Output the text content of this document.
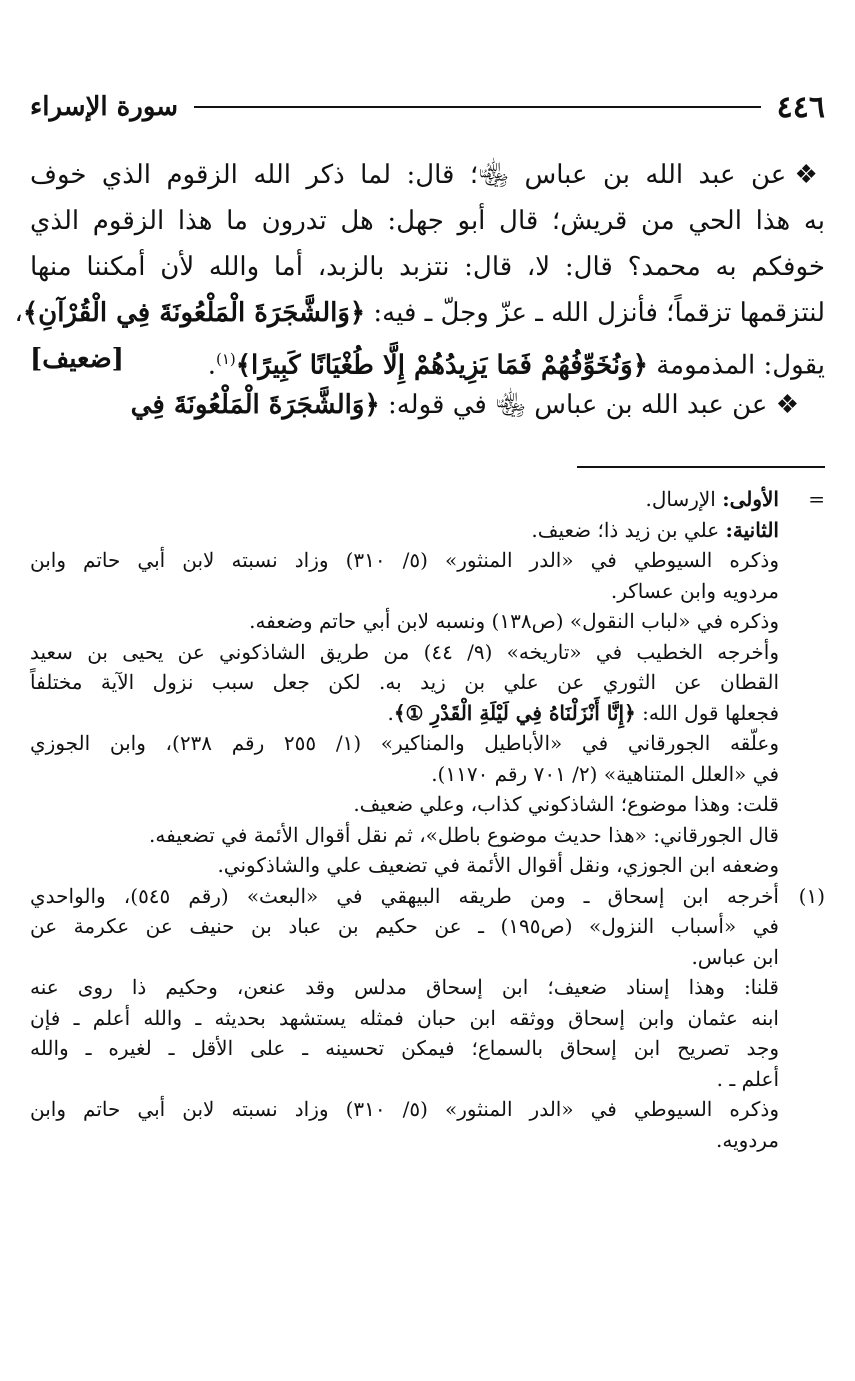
٤٤٦
سورة الإسراء
❖ عن عبد الله بن عباس ﵄؛ قال: لما ذكر الله الزقوم الذي خوف
به هذا الحي من قريش؛ قال أبو جهل: هل تدرون ما هذا الزقوم الذي
خوفكم به محمد؟ قال: لا، قال: نتزبد بالزبد، أما والله لأن أمكننا منها
لنتزقمها تزقماً؛ فأنزل الله ـ عزّ وجلّ ـ فيه: ﴿وَالشَّجَرَةَ الْمَلْعُونَةَ فِي الْقُرْآنِ﴾،
يقول: المذمومة ﴿وَنُخَوِّفُهُمْ فَمَا يَزِيدُهُمْ إِلَّا طُغْيَانًا كَبِيرًا﴾$^{(١)}$.
[ضعيف]
❖ عن عبد الله بن عباس ﵄ في قوله: ﴿وَالشَّجَرَةَ الْمَلْعُونَةَ فِي
=
الأولى: الإرسال.
الثانية: علي بن زيد ذا؛ ضعيف.
وذكره السيوطي في «الدر المنثور» (٥/ ٣١٠) وزاد نسبته لابن أبي حاتم وابن
مردويه وابن عساكر.
وذكره في «لباب النقول» (ص١٣٨) ونسبه لابن أبي حاتم وضعفه.
وأخرجه الخطيب في «تاريخه» (٩/ ٤٤) من طريق الشاذكوني عن يحيى بن سعيد
القطان عن الثوري عن علي بن زيد به. لكن جعل سبب نزول الآية مختلفاً
فجعلها قول الله: ﴿إِنَّا أَنْزَلْنَاهُ فِي لَيْلَةِ الْقَدْرِ ①﴾.
وعلّقه الجورقاني في «الأباطيل والمناكير» (١/ ٢٥٥ رقم ٢٣٨)، وابن الجوزي
في «العلل المتناهية» (٢/ ٧٠١ رقم ١١٧٠).
قلت: وهذا موضوع؛ الشاذكوني كذاب، وعلي ضعيف.
قال الجورقاني: «هذا حديث موضوع باطل»، ثم نقل أقوال الأئمة في تضعيفه.
وضعفه ابن الجوزي، ونقل أقوال الأئمة في تضعيف علي والشاذكوني.
(١)
أخرجه ابن إسحاق ـ ومن طريقه البيهقي في «البعث» (رقم ٥٤٥)، والواحدي
في «أسباب النزول» (ص١٩٥) ـ عن حكيم بن عباد بن حنيف عن عكرمة عن
ابن عباس.
قلنا: وهذا إسناد ضعيف؛ ابن إسحاق مدلس وقد عنعن، وحكيم ذا روى عنه
ابنه عثمان وابن إسحاق ووثقه ابن حبان فمثله يستشهد بحديثه ـ والله أعلم ـ فإن
وجد تصريح ابن إسحاق بالسماع؛ فيمكن تحسينه ـ على الأقل ـ لغيره ـ والله
أعلم ـ .
وذكره السيوطي في «الدر المنثور» (٥/ ٣١٠) وزاد نسبته لابن أبي حاتم وابن
مردويه.
